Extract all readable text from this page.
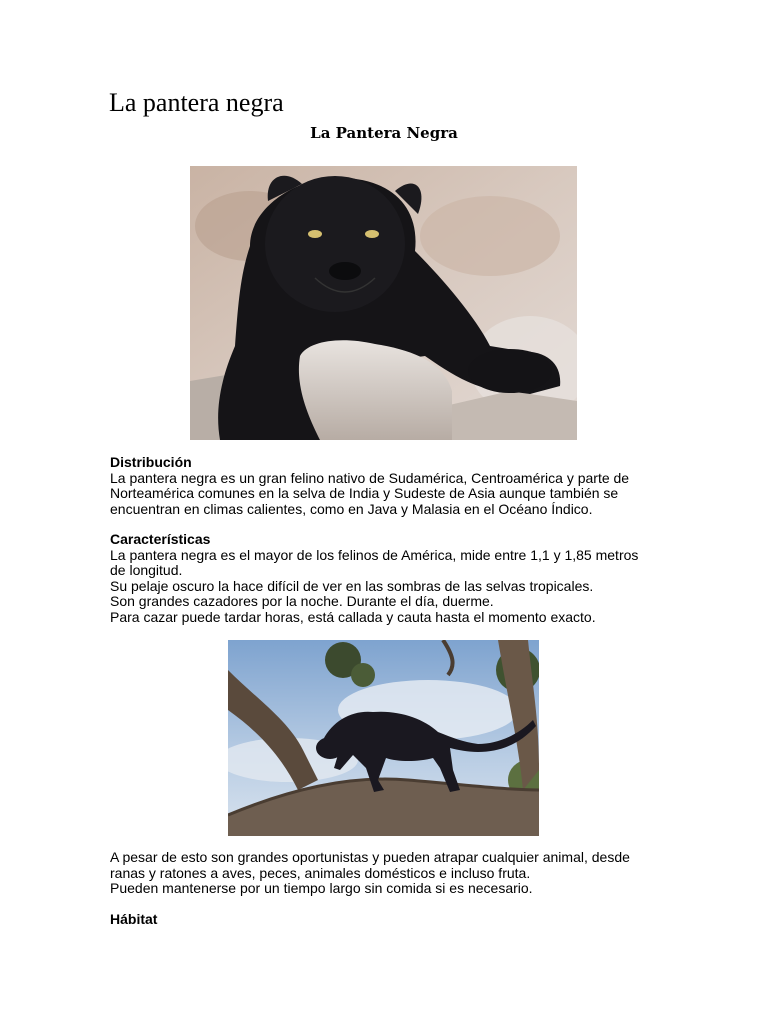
La pantera negra
La Pantera Negra

Distribución

La pantera negra es un gran felino nativo de Sudamérica, Centroamérica y parte de

Norteamérica comunes en la selva de India y Sudeste de Asia aunque también se

encuentran en climas calientes, como en Java y Malasia en el Océano Índico.

Características

La pantera negra es el mayor de los felinos de América, mide entre 1,1 y 1,85 metros

de longitud.

Su pelaje oscuro la hace difícil de ver en las sombras de las selvas tropicales.

Son grandes cazadores por la noche. Durante el día, duerme.

Para cazar puede tardar horas, está callada y cauta hasta el momento exacto.

A pesar de esto son grandes oportunistas y pueden atrapar cualquier animal, desde

ranas y ratones a aves, peces, animales domésticos e incluso fruta.

Pueden mantenerse por un tiempo largo sin comida si es necesario.

Hábitat
